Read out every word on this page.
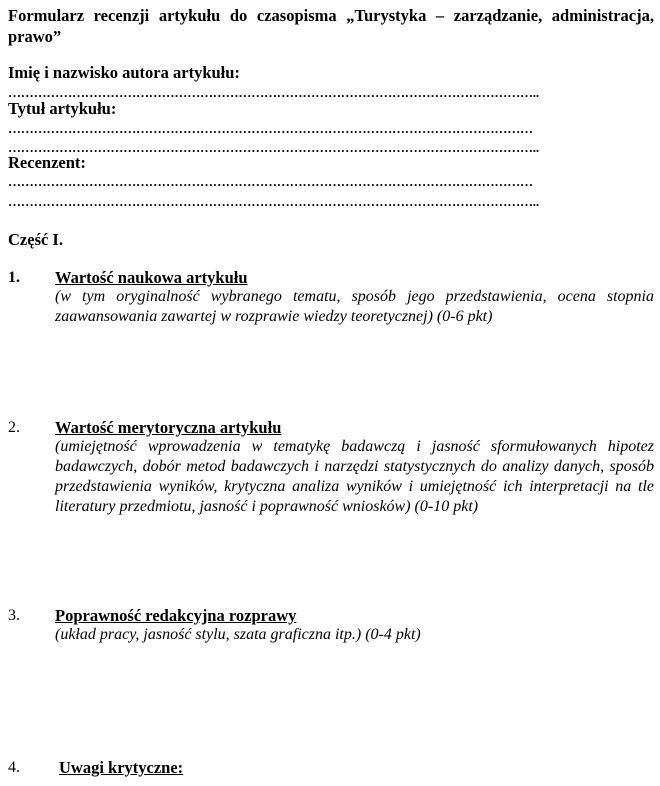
Formularz recenzji artykułu do czasopisma „Turystyka – zarządzanie, administracja, prawo”
Imię i nazwisko autora artykułu:
……………………………………………………………………………………………………………..
Tytuł artykułu:
……………………………………………………………………………………………………………
……………………………………………………………………………………………………………..
Recenzent:
……………………………………………………………………………………………………………
……………………………………………………………………………………………………………..
Część I.
1. Wartość naukowa artykułu
(w tym oryginalność wybranego tematu, sposób jego przedstawienia, ocena stopnia zaawansowania zawartej w rozprawie wiedzy teoretycznej) (0-6 pkt)
2. Wartość merytoryczna artykułu
(umiejętność wprowadzenia w tematykę badawczą i jasność sformułowanych hipotez badawczych, dobór metod badawczych i narzędzi statystycznych do analizy danych, sposób przedstawienia wyników, krytyczna analiza wyników i umiejętność ich interpretacji na tle literatury przedmiotu, jasność i poprawność wniosków) (0-10 pkt)
3. Poprawność redakcyjna rozprawy
(układ pracy, jasność stylu, szata graficzna itp.) (0-4 pkt)
4. Uwagi krytyczne:
